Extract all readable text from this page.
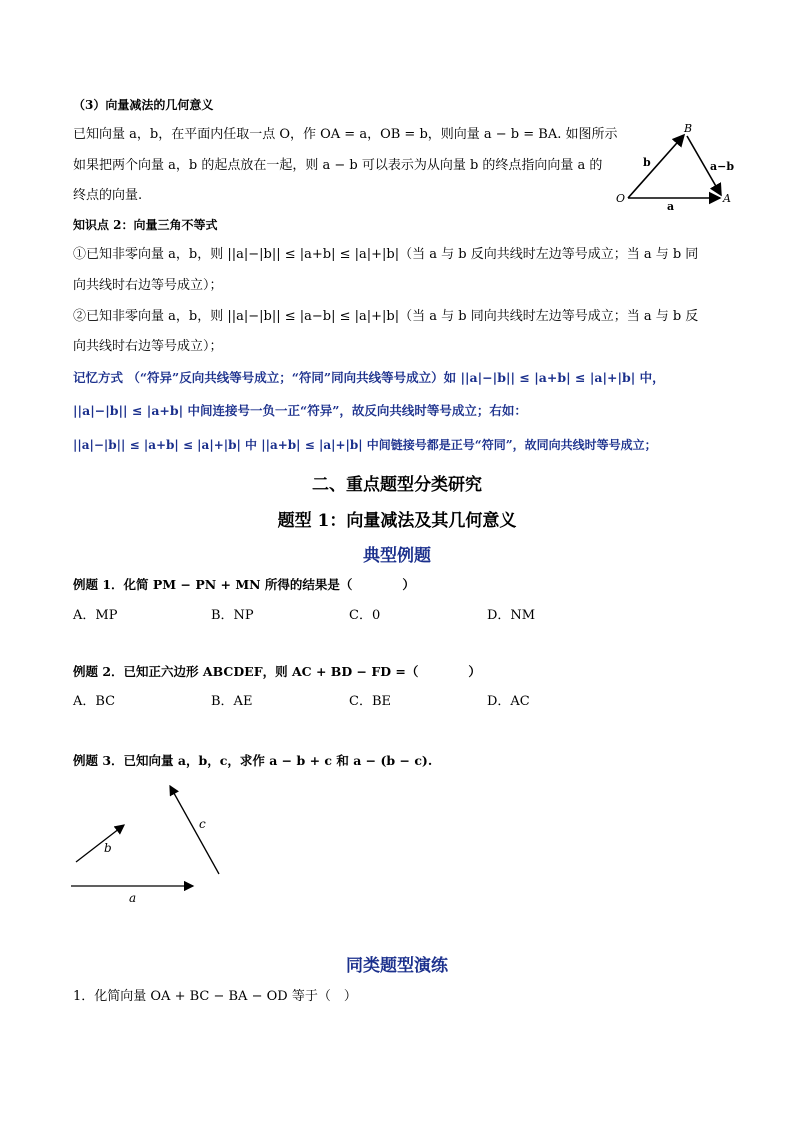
（3）向量减法的几何意义
已知向量 a，b，在平面内任取一点 O，作 OA = a，OB = b，则向量 a − b = BA. 如图所示
如果把两个向量 a，b 的起点放在一起，则 a − b 可以表示为从向量 b 的终点指向向量 a 的
终点的向量.
B
O	A
b
a
a−b
知识点 2：向量三角不等式
①已知非零向量 a，b，则 ||a|−|b|| ≤ |a+b| ≤ |a|+|b|（当 a 与 b 反向共线时左边等号成立；当 a 与 b 同
向共线时右边等号成立）；
②已知非零向量 a，b，则 ||a|−|b|| ≤ |a−b| ≤ |a|+|b|（当 a 与 b 同向共线时左边等号成立；当 a 与 b 反
向共线时右边等号成立）；
记忆方式 （“符异”反向共线等号成立；“符同”同向共线等号成立）如 ||a|−|b|| ≤ |a+b| ≤ |a|+|b| 中，
||a|−|b|| ≤ |a+b| 中间连接号一负一正“符异”，故反向共线时等号成立；右如：
||a|−|b|| ≤ |a+b| ≤ |a|+|b| 中 ||a+b| ≤ |a|+|b| 中间链接号都是正号“符同”，故同向共线时等号成立；
二、重点题型分类研究
题型 1：向量减法及其几何意义
典型例题
例题 1．化简 PM − PN + MN 所得的结果是（　　　　）
A．MP	B．NP	C．0	D．NM
例题 2．已知正六边形 ABCDEF，则 AC + BD − FD =（　　　　）
A．BC	B．AE	C．BE	D．AC
例题 3．已知向量 a，b，c，求作 a − b + c 和 a − (b − c).
b
a
c
同类题型演练
1．化简向量 OA + BC − BA − OD 等于（　）
